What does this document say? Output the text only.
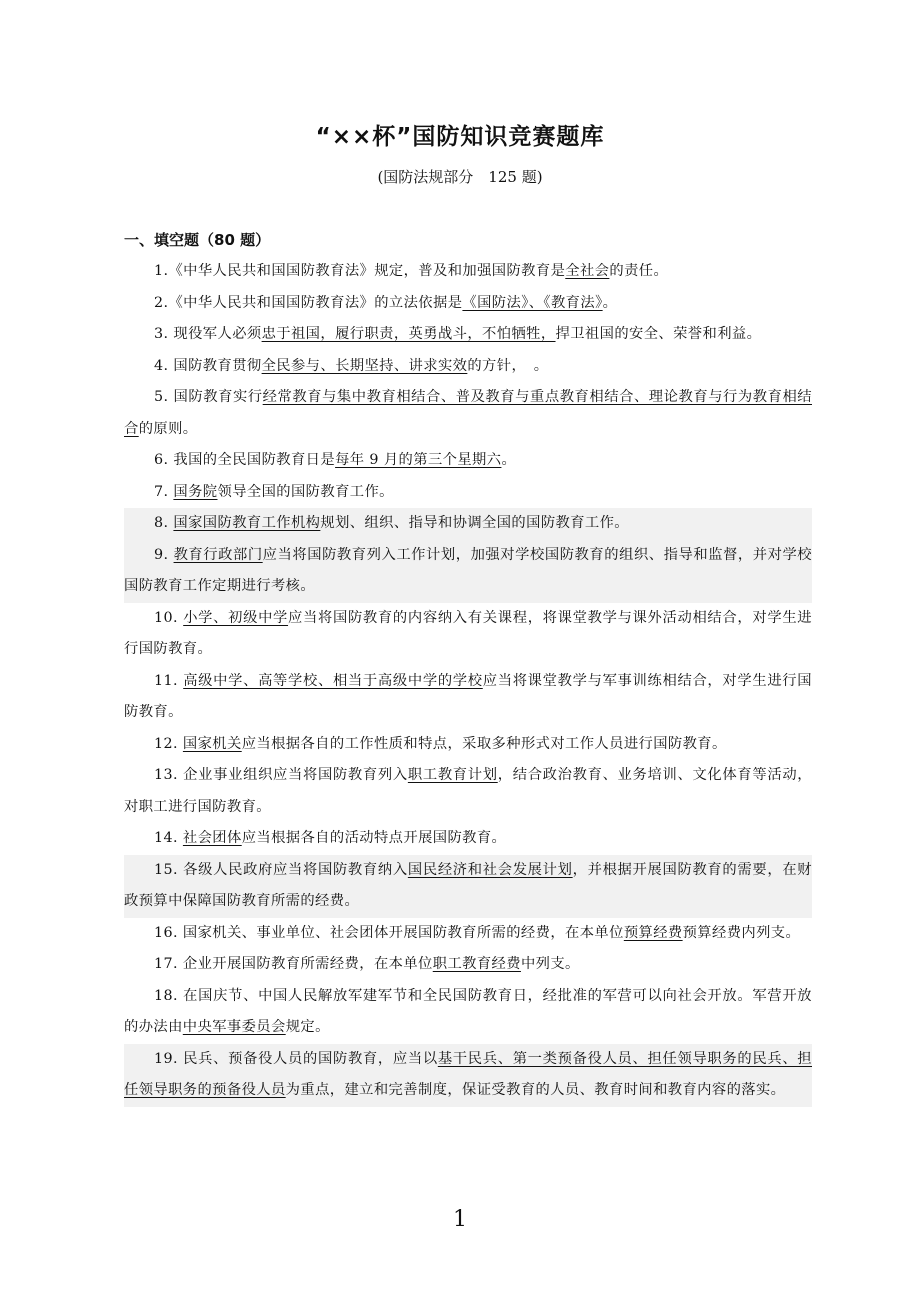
“××杯”国防知识竞赛题库
(国防法规部分　125 题)
一、填空题（80 题）

1.《中华人民共和国国防教育法》规定，普及和加强国防教育是全社会的责任。

2.《中华人民共和国国防教育法》的立法依据是《国防法》、《教育法》。

3. 现役军人必须忠于祖国，履行职责，英勇战斗，不怕牺牲，捍卫祖国的安全、荣誉和利益。

4. 国防教育贯彻全民参与、长期坚持、讲求实效的方针，　。

5. 国防教育实行经常教育与集中教育相结合、普及教育与重点教育相结合、理论教育与行为教育相结合的原则。

6. 我国的全民国防教育日是每年 9 月的第三个星期六。

7. 国务院领导全国的国防教育工作。

8. 国家国防教育工作机构规划、组织、指导和协调全国的国防教育工作。

9. 教育行政部门应当将国防教育列入工作计划，加强对学校国防教育的组织、指导和监督，并对学校国防教育工作定期进行考核。

10. 小学、初级中学应当将国防教育的内容纳入有关课程，将课堂教学与课外活动相结合，对学生进行国防教育。

11. 高级中学、高等学校、相当于高级中学的学校应当将课堂教学与军事训练相结合，对学生进行国防教育。

12. 国家机关应当根据各自的工作性质和特点，采取多种形式对工作人员进行国防教育。

13. 企业事业组织应当将国防教育列入职工教育计划，结合政治教育、业务培训、文化体育等活动，对职工进行国防教育。

14. 社会团体应当根据各自的活动特点开展国防教育。

15. 各级人民政府应当将国防教育纳入国民经济和社会发展计划，并根据开展国防教育的需要，在财政预算中保障国防教育所需的经费。

16. 国家机关、事业单位、社会团体开展国防教育所需的经费，在本单位预算经费预算经费内列支。

17. 企业开展国防教育所需经费，在本单位职工教育经费中列支。

18. 在国庆节、中国人民解放军建军节和全民国防教育日，经批准的军营可以向社会开放。军营开放的办法由中央军事委员会规定。

19. 民兵、预备役人员的国防教育，应当以基干民兵、第一类预备役人员、担任领导职务的民兵、担任领导职务的预备役人员为重点，建立和完善制度，保证受教育的人员、教育时间和教育内容的落实。

1
